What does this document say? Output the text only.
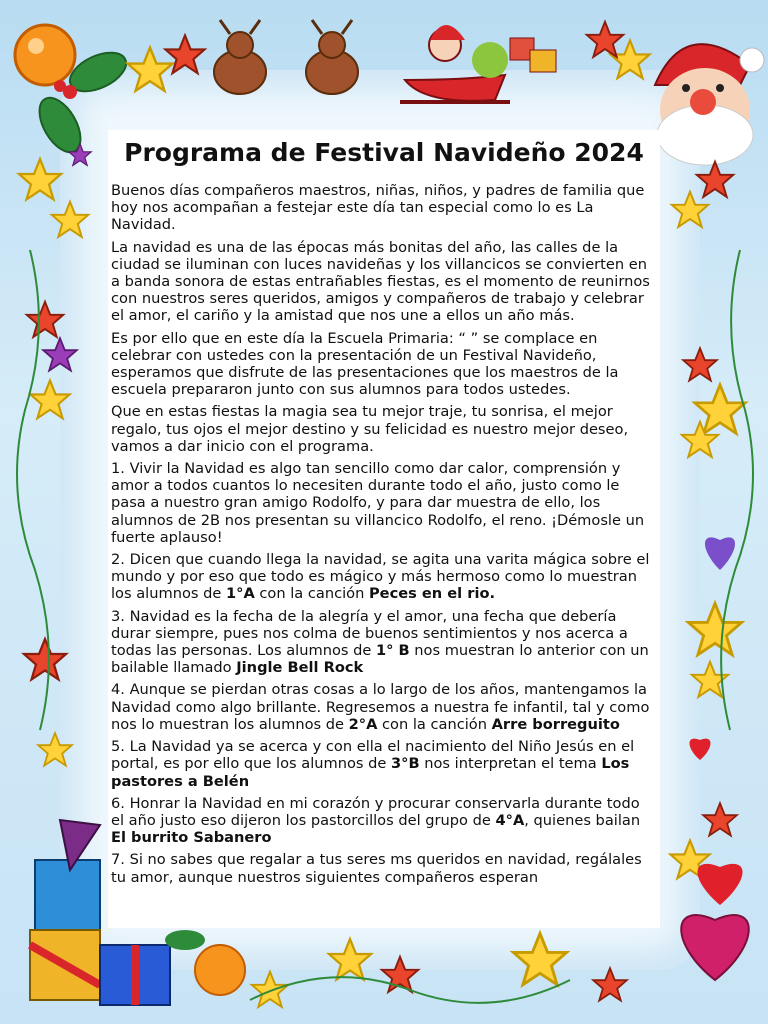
Programa de Festival Navideño 2024

Buenos días compañeros maestros, niñas, niños, y padres de familia que hoy nos acompañan a festejar este día tan especial como lo es La Navidad.

La navidad es una de las épocas más bonitas del año, las calles de la ciudad se iluminan con luces navideñas y los villancicos se convierten en a banda sonora de estas entrañables fiestas, es el momento de reunirnos con nuestros seres queridos, amigos y compañeros de trabajo y celebrar el amor, el cariño y la amistad que nos une a ellos un año más.

Es por ello que en este día la Escuela Primaria: “ ” se complace en celebrar con ustedes con la presentación de un Festival Navideño, esperamos que disfrute de las presentaciones que los maestros de la escuela prepararon junto con sus alumnos para todos ustedes.

Que en estas fiestas la magia sea tu mejor traje, tu sonrisa, el mejor regalo, tus ojos el mejor destino y su felicidad es nuestro mejor deseo, vamos a dar inicio con el programa.

1. Vivir la Navidad es algo tan sencillo como dar calor, comprensión y amor a todos cuantos lo necesiten durante todo el año, justo como le pasa a nuestro gran amigo Rodolfo, y para dar muestra de ello, los alumnos de 2B nos presentan su villancico Rodolfo, el reno. ¡Démosle un fuerte aplauso!

2. Dicen que cuando llega la navidad, se agita una varita mágica sobre el mundo y por eso que todo es mágico y más hermoso como lo muestran los alumnos de 1°A con la canción Peces en el rio.

3. Navidad es la fecha de la alegría y el amor, una fecha que debería durar siempre, pues nos colma de buenos sentimientos y nos acerca a todas las personas. Los alumnos de 1° B nos muestran lo anterior con un bailable llamado Jingle Bell Rock

4. Aunque se pierdan otras cosas a lo largo de los años, mantengamos la Navidad como algo brillante. Regresemos a nuestra fe infantil, tal y como nos lo muestran los alumnos de 2°A con la canción Arre borreguito

5. La Navidad ya se acerca y con ella el nacimiento del Niño Jesús en el portal, es por ello que los alumnos de 3°B nos interpretan el tema Los pastores a Belén

6. Honrar la Navidad en mi corazón y procurar conservarla durante todo el año justo eso dijeron los pastorcillos del grupo de 4°A, quienes bailan El burrito Sabanero

7. Si no sabes que regalar a tus seres ms queridos en navidad, regálales tu amor, aunque nuestros siguientes compañeros esperan
